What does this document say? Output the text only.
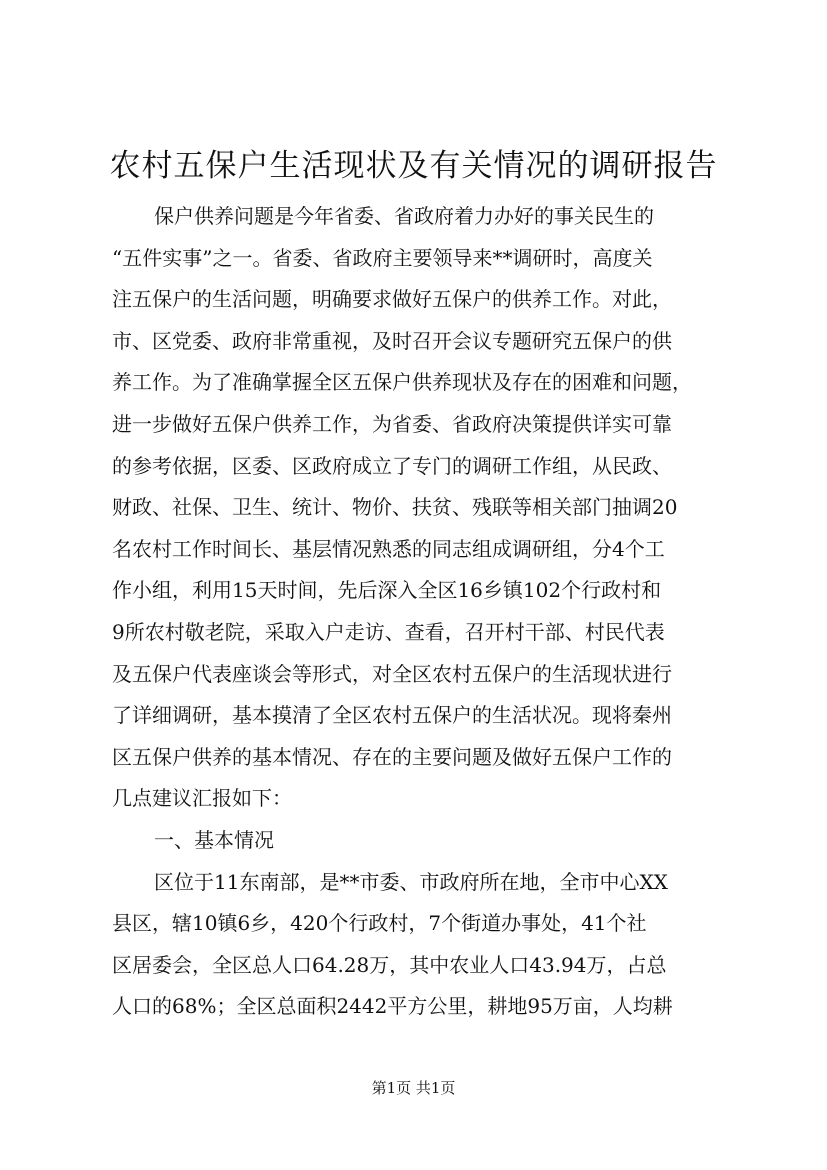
农村五保户生活现状及有关情况的调研报告
保户供养问题是今年省委、省政府着力办好的事关民生的
“五件实事”之一。省委、省政府主要领导来**调研时，高度关
注五保户的生活问题，明确要求做好五保户的供养工作。对此，
市、区党委、政府非常重视，及时召开会议专题研究五保户的供
养工作。为了准确掌握全区五保户供养现状及存在的困难和问题，
进一步做好五保户供养工作，为省委、省政府决策提供详实可靠
的参考依据，区委、区政府成立了专门的调研工作组，从民政、
财政、社保、卫生、统计、物价、扶贫、残联等相关部门抽调20
名农村工作时间长、基层情况熟悉的同志组成调研组，分4个工
作小组，利用15天时间，先后深入全区16乡镇102个行政村和
9所农村敬老院，采取入户走访、查看，召开村干部、村民代表
及五保户代表座谈会等形式，对全区农村五保户的生活现状进行
了详细调研，基本摸清了全区农村五保户的生活状况。现将秦州
区五保户供养的基本情况、存在的主要问题及做好五保户工作的
几点建议汇报如下：
一、基本情况
区位于11东南部，是**市委、市政府所在地，全市中心XX
县区，辖10镇6乡，420个行政村，7个街道办事处，41个社
区居委会，全区总人口64.28万，其中农业人口43.94万，占总
人口的68%；全区总面积2442平方公里，耕地95万亩，人均耕
第1页 共1页
